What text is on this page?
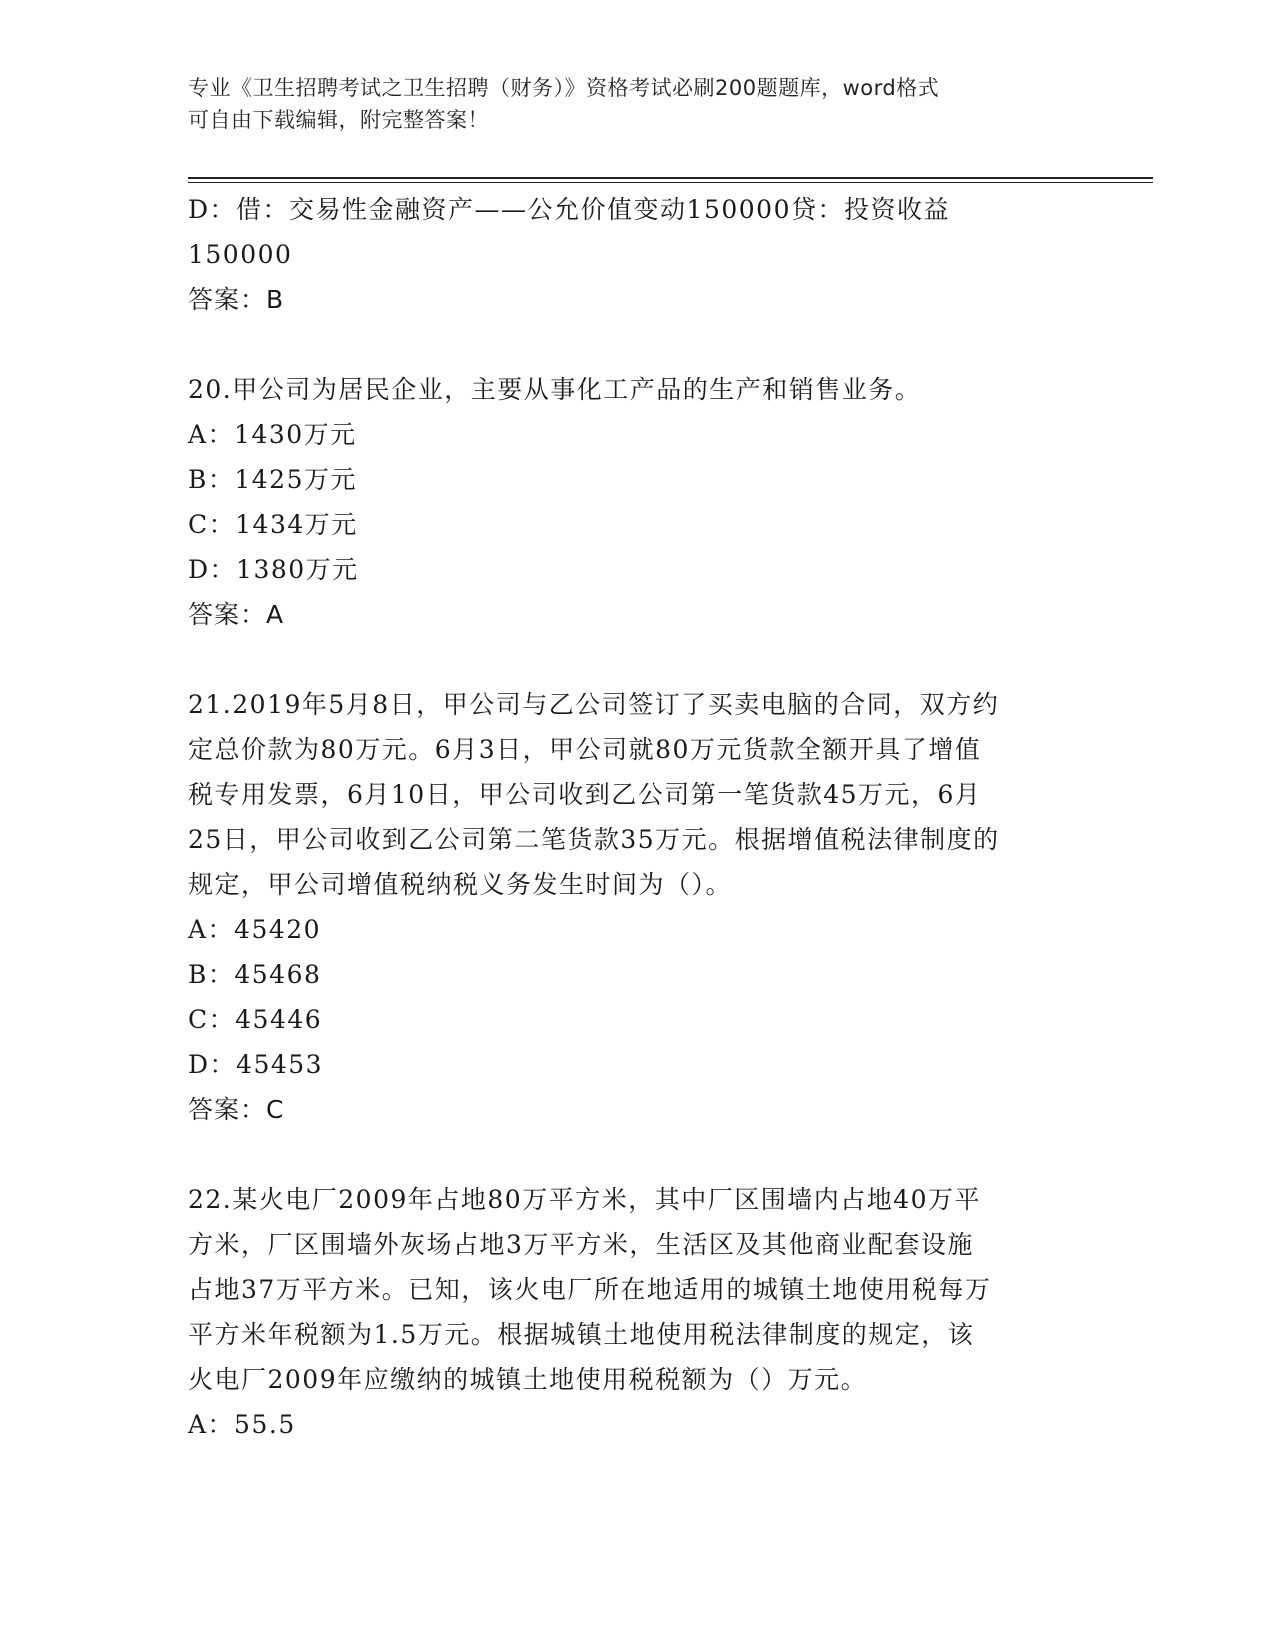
专业《卫生招聘考试之卫生招聘（财务）》资格考试必刷200题题库，word格式
可自由下载编辑，附完整答案！
D：借：交易性金融资产——公允价值变动150000贷：投资收益
150000
答案：B
20.甲公司为居民企业，主要从事化工产品的生产和销售业务。
A：1430万元
B：1425万元
C：1434万元
D：1380万元
答案：A
21.2019年5月8日，甲公司与乙公司签订了买卖电脑的合同，双方约
定总价款为80万元。6月3日，甲公司就80万元货款全额开具了增值
税专用发票，6月10日，甲公司收到乙公司第一笔货款45万元，6月
25日，甲公司收到乙公司第二笔货款35万元。根据增值税法律制度的
规定，甲公司增值税纳税义务发生时间为（）。
A：45420
B：45468
C：45446
D：45453
答案：C
22.某火电厂2009年占地80万平方米，其中厂区围墙内占地40万平
方米，厂区围墙外灰场占地3万平方米，生活区及其他商业配套设施
占地37万平方米。已知，该火电厂所在地适用的城镇土地使用税每万
平方米年税额为1.5万元。根据城镇土地使用税法律制度的规定，该
火电厂2009年应缴纳的城镇土地使用税税额为（）万元。
A：55.5
